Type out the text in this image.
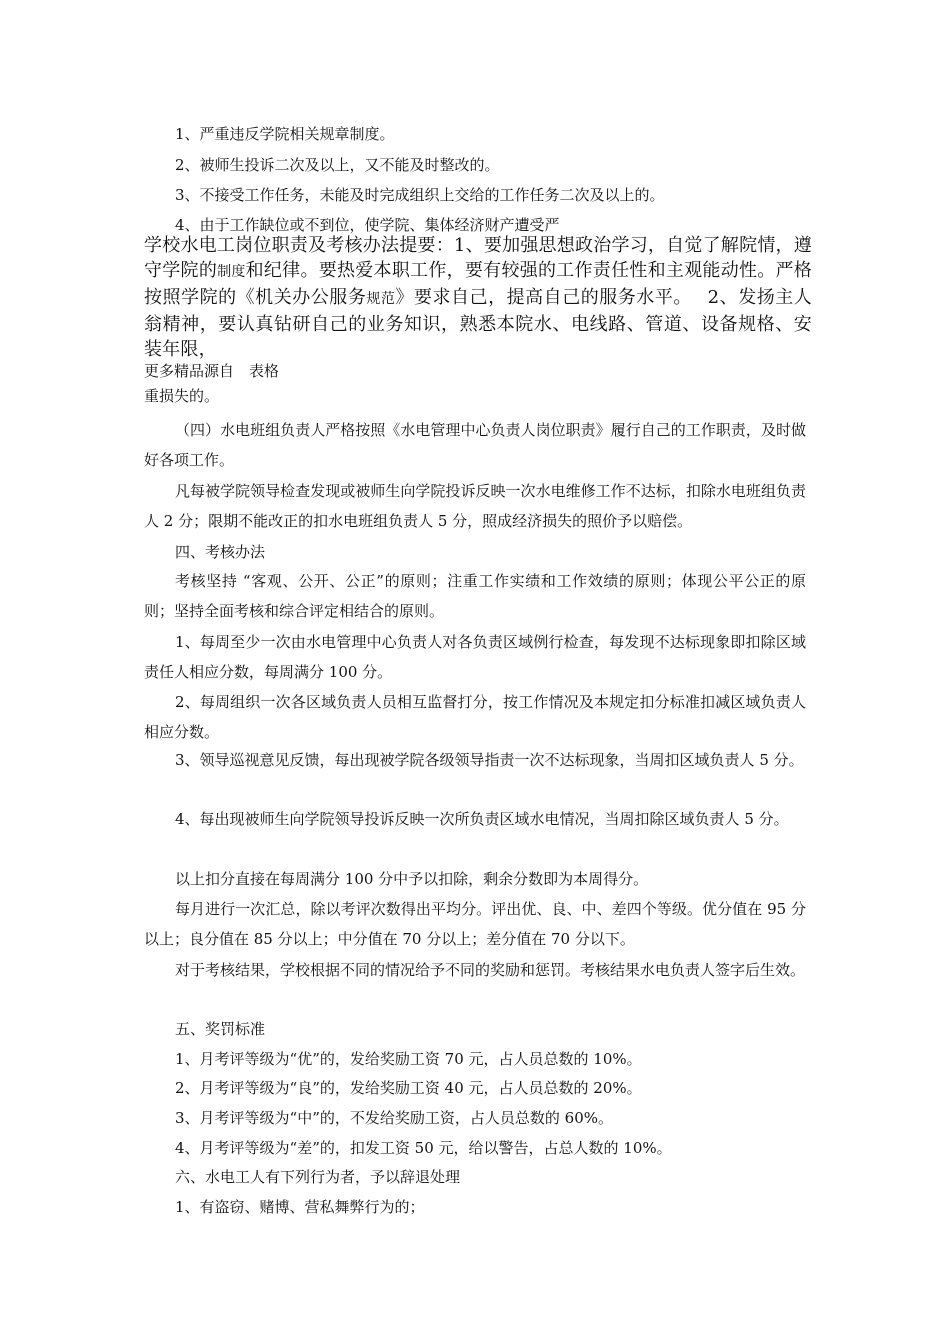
1、严重违反学院相关规章制度。
2、被师生投诉二次及以上，又不能及时整改的。
3、不接受工作任务，未能及时完成组织上交给的工作任务二次及以上的。
4、由于工作缺位或不到位，使学院、集体经济财产遭受严
学校水电工岗位职责及考核办法提要：1、要加强思想政治学习，自觉了解院情，遵守学院的制度和纪律。要热爱本职工作，要有较强的工作责任性和主观能动性。严格按照学院的《机关办公服务规范》要求自己，提高自己的服务水平。　 2、发扬主人翁精神，要认真钻研自己的业务知识，熟悉本院水、电线路、管道、设备规格、安装年限，
更多精品源自　表格
重损失的。
（四）水电班组负责人严格按照《水电管理中心负责人岗位职责》履行自己的工作职责，及时做好各项工作。
凡每被学院领导检查发现或被师生向学院投诉反映一次水电维修工作不达标，扣除水电班组负责人 2 分；限期不能改正的扣水电班组负责人 5 分，照成经济损失的照价予以赔偿。
四、考核办法
考核坚持 “客观、公开、公正”的原则；注重工作实绩和工作效绩的原则；体现公平公正的原则；坚持全面考核和综合评定相结合的原则。
1、每周至少一次由水电管理中心负责人对各负责区域例行检查，每发现不达标现象即扣除区域责任人相应分数，每周满分 100 分。
2、每周组织一次各区域负责人员相互监督打分，按工作情况及本规定扣分标准扣减区域负责人相应分数。
3、领导巡视意见反馈，每出现被学院各级领导指责一次不达标现象，当周扣区域负责人 5 分。
4、每出现被师生向学院领导投诉反映一次所负责区域水电情况，当周扣除区域负责人 5 分。
以上扣分直接在每周满分 100 分中予以扣除，剩余分数即为本周得分。
每月进行一次汇总，除以考评次数得出平均分。评出优、良、中、差四个等级。优分值在 95 分以上；良分值在 85 分以上；中分值在 70 分以上；差分值在 70 分以下。
对于考核结果，学校根据不同的情况给予不同的奖励和惩罚。考核结果水电负责人签字后生效。
五、奖罚标准
1、月考评等级为“优”的，发给奖励工资 70 元，占人员总数的 10%。
2、月考评等级为“良”的，发给奖励工资 40 元，占人员总数的 20%。
3、月考评等级为“中”的，不发给奖励工资，占人员总数的 60%。
4、月考评等级为“差”的，扣发工资 50 元，给以警告，占总人数的 10%。
六、水电工人有下列行为者，予以辞退处理
1、有盗窃、赌博、营私舞弊行为的；
